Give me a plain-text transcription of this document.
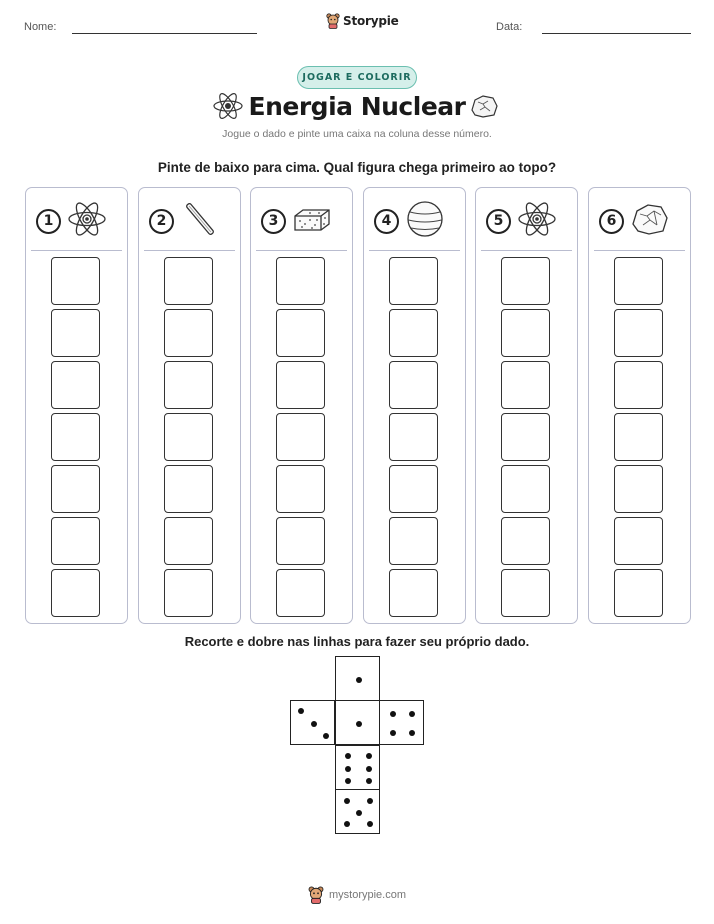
Nome:	Storypie	Data:
JOGAR E COLORIR
Energia Nuclear
Jogue o dado e pinte uma caixa na coluna desse número.
Pinte de baixo para cima. Qual figura chega primeiro ao topo?
1	2	3	4	5	6
Recorte e dobre nas linhas para fazer seu próprio dado.
mystorypie.com
